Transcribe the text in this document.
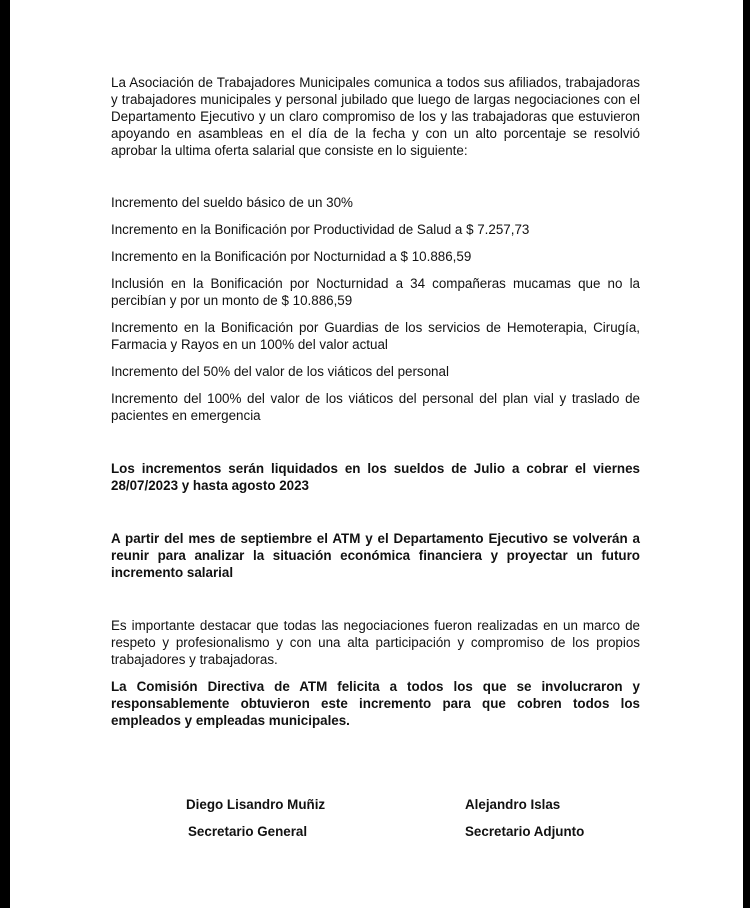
La Asociación de Trabajadores Municipales comunica a todos sus afiliados, trabajadoras y trabajadores municipales y personal jubilado que luego de largas negociaciones con el Departamento Ejecutivo y un claro compromiso de los y las trabajadoras que estuvieron apoyando en asambleas en el día de la fecha y con un alto porcentaje se resolvió aprobar la ultima oferta salarial que consiste en lo siguiente:

Incremento del sueldo básico de un 30%

Incremento en la Bonificación por Productividad de Salud a $ 7.257,73

Incremento en la Bonificación por Nocturnidad a $ 10.886,59

Inclusión en la Bonificación por Nocturnidad a 34 compañeras mucamas que no la percibían y por un monto de $ 10.886,59

Incremento en la Bonificación por Guardias de los servicios de Hemoterapia, Cirugía, Farmacia y Rayos en un 100% del valor actual

Incremento del 50% del valor de los viáticos del personal

Incremento del 100% del valor de los viáticos del personal del plan vial y traslado de pacientes en emergencia

Los incrementos serán liquidados en los sueldos de Julio a cobrar el viernes 28/07/2023 y hasta agosto 2023

A partir del mes de septiembre el ATM y el Departamento Ejecutivo se volverán a reunir para analizar la situación económica financiera y proyectar un futuro incremento salarial

Es importante destacar que todas las negociaciones fueron realizadas en un marco de respeto y profesionalismo y con una alta participación y compromiso de los propios trabajadores y trabajadoras.

La Comisión Directiva de ATM felicita a todos los que se involucraron y responsablemente obtuvieron este incremento para que cobren todos los empleados y empleadas municipales.

Diego Lisandro Muñiz
Secretario General
Alejandro Islas
Secretario Adjunto
